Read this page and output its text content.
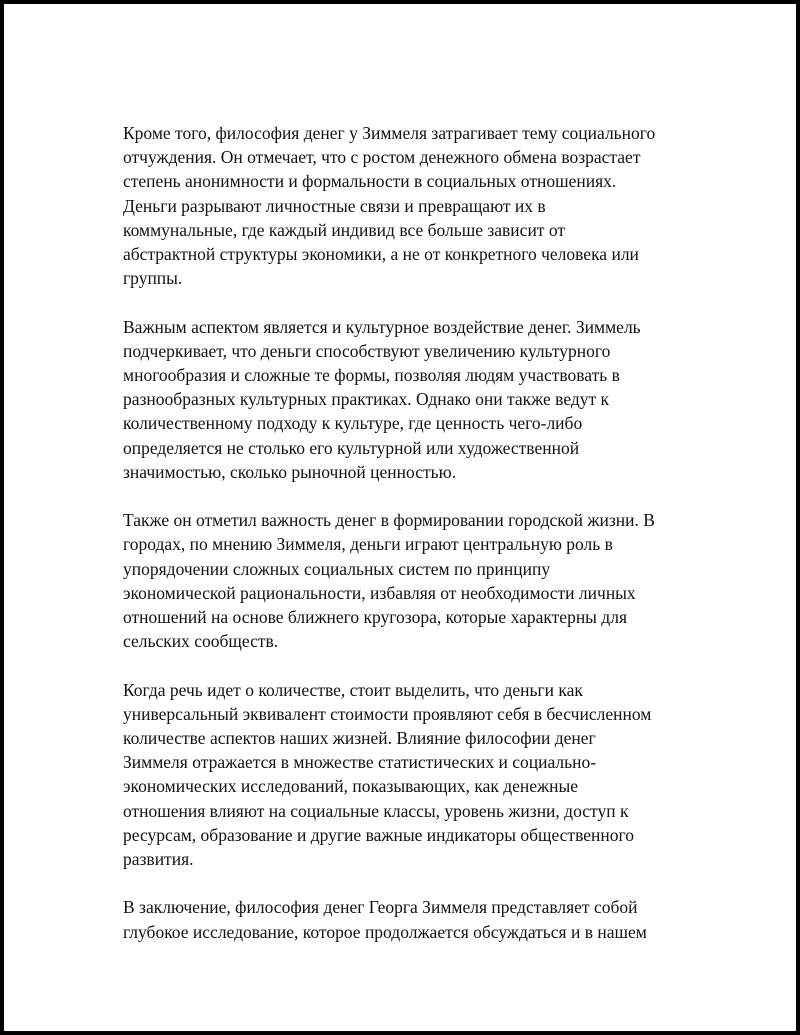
Кроме того, философия денег у Зиммеля затрагивает тему социального
отчуждения. Он отмечает, что с ростом денежного обмена возрастает
степень анонимности и формальности в социальных отношениях.
Деньги разрывают личностные связи и превращают их в
коммунальные, где каждый индивид все больше зависит от
абстрактной структуры экономики, а не от конкретного человека или
группы.

Важным аспектом является и культурное воздействие денег. Зиммель
подчеркивает, что деньги способствуют увеличению культурного
многообразия и сложные те формы, позволяя людям участвовать в
разнообразных культурных практиках. Однако они также ведут к
количественному подходу к культуре, где ценность чего-либо
определяется не столько его культурной или художественной
значимостью, сколько рыночной ценностью.

Также он отметил важность денег в формировании городской жизни. В
городах, по мнению Зиммеля, деньги играют центральную роль в
упорядочении сложных социальных систем по принципу
экономической рациональности, избавляя от необходимости личных
отношений на основе ближнего кругозора, которые характерны для
сельских сообществ.

Когда речь идет о количестве, стоит выделить, что деньги как
универсальный эквивалент стоимости проявляют себя в бесчисленном
количестве аспектов наших жизней. Влияние философии денег
Зиммеля отражается в множестве статистических и социально-
экономических исследований, показывающих, как денежные
отношения влияют на социальные классы, уровень жизни, доступ к
ресурсам, образование и другие важные индикаторы общественного
развития.

В заключение, философия денег Георга Зиммеля представляет собой
глубокое исследование, которое продолжается обсуждаться и в нашем
